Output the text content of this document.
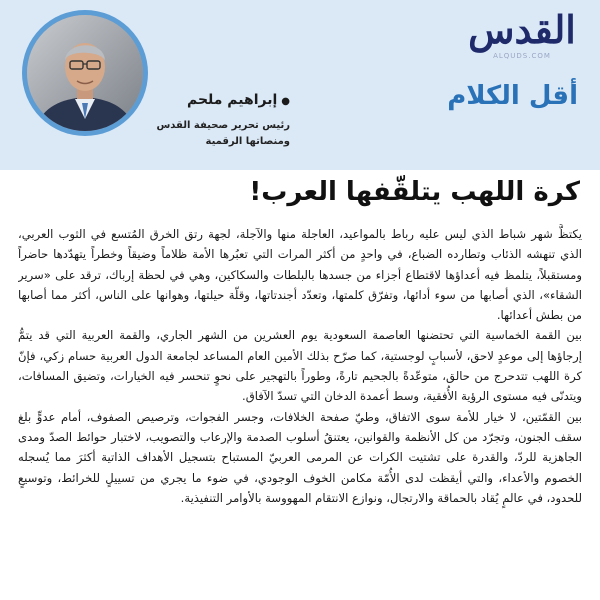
القدس
ALQUDS.COM
أقل الكلام
●إبراهيم ملحم
رئيس تحرير صحيفة القدس ومنصاتها الرقمية
كرة اللهب يتلقّفها العرب!

يكتظُّ شهر شباط الذي ليس عليه رباط بالمواعيد، العاجلة منها والآجلة، لجهة رتق الخرق المُتسع في الثوب العربي، الذي تنهشه الذئاب وتطارده الضباع، في واحدٍ من أكثر المرات التي تعبُرها الأمة ظلاماً وضيقاً وخطراً يتهدّدها حاضراً ومستقبلاً، يتلمظ فيه أعداؤها لاقتطاع أجزاء من جسدها بالبلطات والسكاكين، وهي في لحظة إرباك، ترقد على «سرير الشقاء»، الذي أصابها من سوء أدائها، وتفرّق كلمتها، وتعدّد أجندتاتها، وقلّة حيلتها، وهوانها على الناس، أكثر مما أصابها من بطش أعدائها.

بين القمة الخماسية التي تحتضنها العاصمة السعودية يوم العشرين من الشهر الجاري، والقمة العربية التي قد يتمُّ إرجاؤها إلى موعدٍ لاحق، لأسبابٍ لوجستية، كما صرّح بذلك الأمين العام المساعد لجامعة الدول العربية حسام زكي، فإنّ كرة اللهب تتدحرج من حالق، متوعّدةً بالجحيم تارةً، وطوراً بالتهجير على نحوٍ تنحسر فيه الخيارات، وتضيق المسافات، ويتدنّى فيه مستوى الرؤية الأُفقية، وسط أعمدة الدخان التي تسدّ الآفاق.

بين القمّتين، لا خيار للأمة سوى الاتفاق، وطيّ صفحة الخلافات، وجسر الفجوات، وترصيص الصفوف، أمام عدوٍّ بلغ سقف الجنون، وتجرّد من كل الأنظمة والقوانين، يعتنقُ أسلوب الصدمة والإرعاب والتصويب، لاختبار حوائط الصدّ ومدى الجاهزية للردّ، والقدرة على تشتيت الكرات عن المرمى العربيّ المستباح بتسجيل الأهداف الذاتية أكثرَ مما يُسجله الخصوم والأعداء، والتي أيقظت لدى الأُمّة مكامن الخوف الوجودي، في ضوء ما يجري من تسييلٍ للخرائط، وتوسيعٍ للحدود، في عالمٍ يُقاد بالحماقة والارتجال، ونوازع الانتقام المهووسة بالأوامر التنفيذية.
